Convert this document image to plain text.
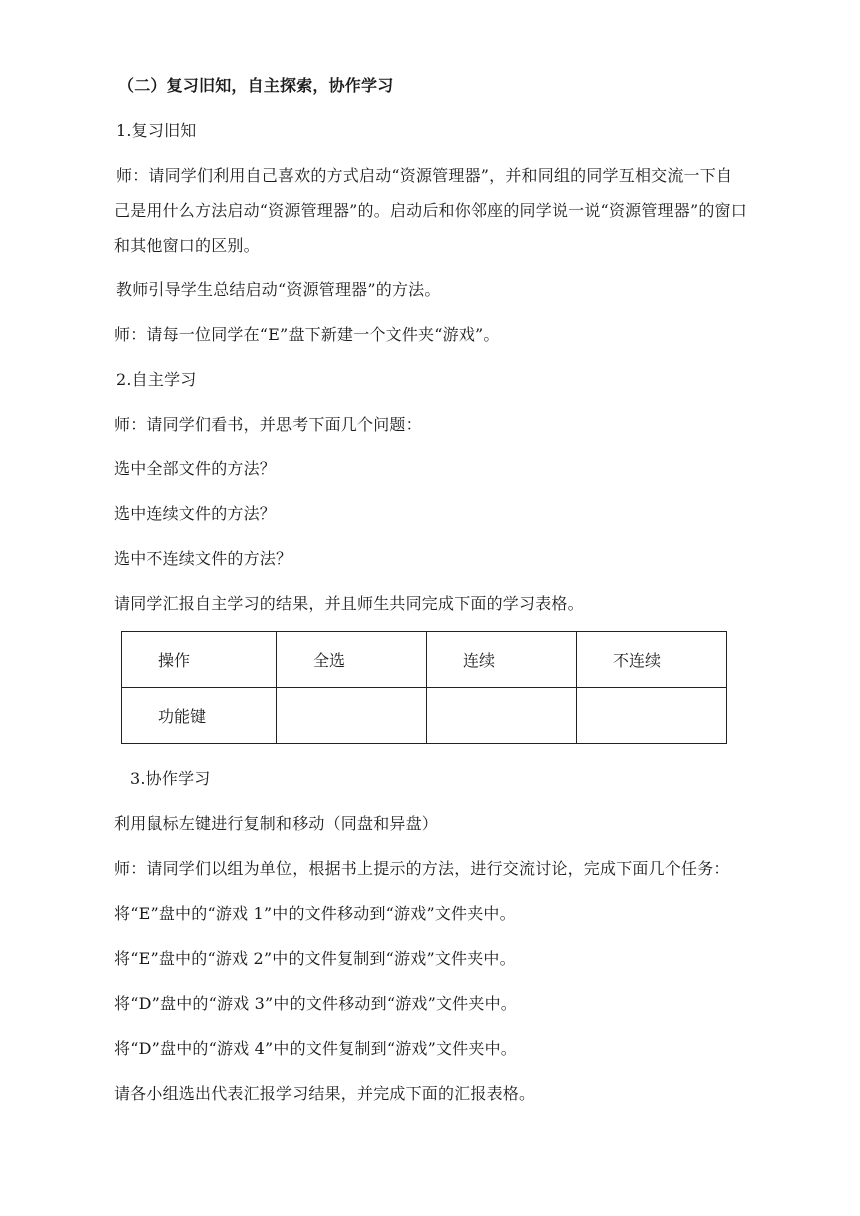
（二）复习旧知，自主探索，协作学习
1.复习旧知
师：请同学们利用自己喜欢的方式启动“资源管理器”，并和同组的同学互相交流一下自
己是用什么方法启动“资源管理器”的。启动后和你邻座的同学说一说“资源管理器”的窗口
和其他窗口的区别。
教师引导学生总结启动“资源管理器”的方法。
师：请每一位同学在“E”盘下新建一个文件夹“游戏”。
2.自主学习
师：请同学们看书，并思考下面几个问题：
选中全部文件的方法？
选中连续文件的方法？
选中不连续文件的方法？
请同学汇报自主学习的结果，并且师生共同完成下面的学习表格。
操作	全选	连续	不连续
功能键			
3.协作学习
利用鼠标左键进行复制和移动（同盘和异盘）
师：请同学们以组为单位，根据书上提示的方法，进行交流讨论，完成下面几个任务：
将“E”盘中的“游戏 1”中的文件移动到“游戏”文件夹中。
将“E”盘中的“游戏 2”中的文件复制到“游戏”文件夹中。
将“D”盘中的“游戏 3”中的文件移动到“游戏”文件夹中。
将“D”盘中的“游戏 4”中的文件复制到“游戏”文件夹中。
请各小组选出代表汇报学习结果，并完成下面的汇报表格。
